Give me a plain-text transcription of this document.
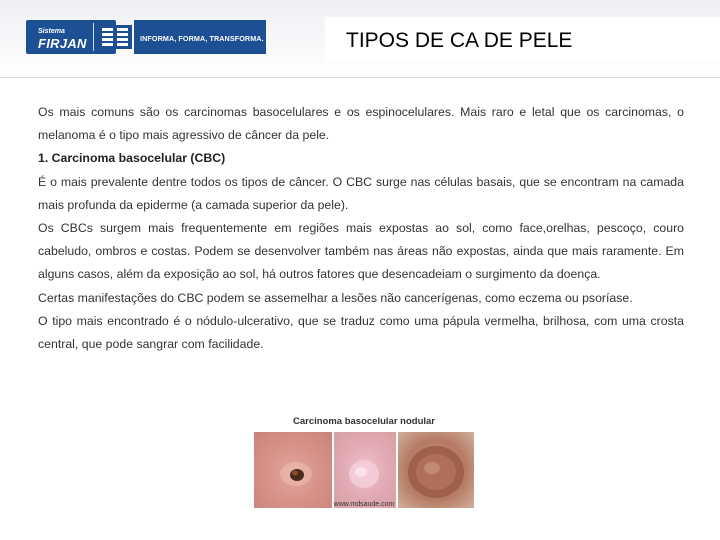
Sistema
FIRJAN	INFORMA, FORMA, TRANSFORMA.	TIPOS DE CA DE PELE

Os mais comuns são os carcinomas basocelulares e os espinocelulares. Mais raro e letal que os carcinomas, o melanoma é o tipo mais agressivo de câncer da pele.

1. Carcinoma basocelular (CBC)

É o mais prevalente dentre todos os tipos de câncer. O CBC surge nas células basais, que se encontram na camada mais profunda da epiderme (a camada superior da pele).

Os CBCs surgem mais frequentemente em regiões mais expostas ao sol, como face,orelhas, pescoço, couro cabeludo, ombros e costas. Podem se desenvolver também nas áreas não expostas, ainda que mais raramente. Em alguns casos, além da exposição ao sol, há outros fatores que desencadeiam o surgimento da doença.

Certas manifestações do CBC podem se assemelhar a lesões não cancerígenas, como eczema ou psoríase.

O tipo mais encontrado é o nódulo-ulcerativo, que se traduz como uma pápula vermelha, brilhosa, com uma crosta central, que pode sangrar com facilidade.

Carcinoma basocelular nodular
www.mdsaude.com
